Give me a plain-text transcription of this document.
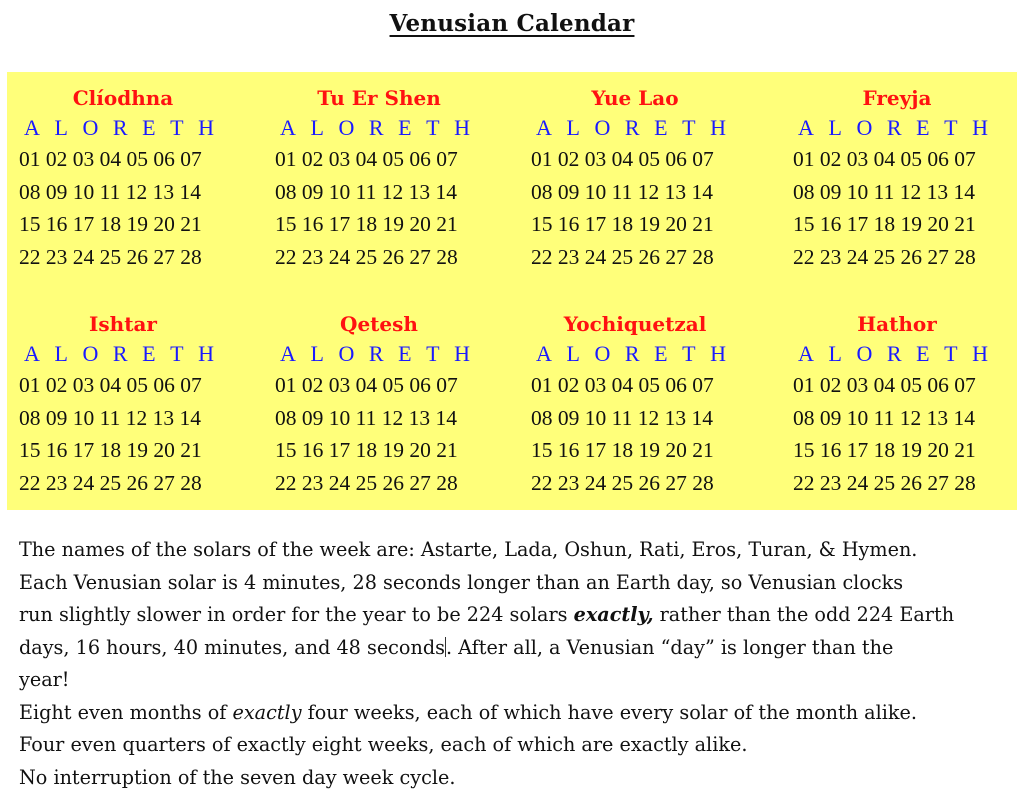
Venusian Calendar
Clíodhna
A L O R E T H
01 02 03 04 05 06 07
08 09 10 11 12 13 14
15 16 17 18 19 20 21
22 23 24 25 26 27 28
Tu Er Shen
A L O R E T H
01 02 03 04 05 06 07
08 09 10 11 12 13 14
15 16 17 18 19 20 21
22 23 24 25 26 27 28
Yue Lao
A L O R E T H
01 02 03 04 05 06 07
08 09 10 11 12 13 14
15 16 17 18 19 20 21
22 23 24 25 26 27 28
Freyja
A L O R E T H
01 02 03 04 05 06 07
08 09 10 11 12 13 14
15 16 17 18 19 20 21
22 23 24 25 26 27 28
Ishtar
A L O R E T H
01 02 03 04 05 06 07
08 09 10 11 12 13 14
15 16 17 18 19 20 21
22 23 24 25 26 27 28
Qetesh
A L O R E T H
01 02 03 04 05 06 07
08 09 10 11 12 13 14
15 16 17 18 19 20 21
22 23 24 25 26 27 28
Yochiquetzal
A L O R E T H
01 02 03 04 05 06 07
08 09 10 11 12 13 14
15 16 17 18 19 20 21
22 23 24 25 26 27 28
Hathor
A L O R E T H
01 02 03 04 05 06 07
08 09 10 11 12 13 14
15 16 17 18 19 20 21
22 23 24 25 26 27 28

The names of the solars of the week are: Astarte, Lada, Oshun, Rati, Eros, Turan, & Hymen.

Each Venusian solar is 4 minutes, 28 seconds longer than an Earth day, so Venusian clocks

run slightly slower in order for the year to be 224 solars exactly, rather than the odd 224 Earth

days, 16 hours, 40 minutes, and 48 seconds. After all, a Venusian “day” is longer than the

year!

Eight even months of exactly four weeks, each of which have every solar of the month alike.

Four even quarters of exactly eight weeks, each of which are exactly alike.

No interruption of the seven day week cycle.
